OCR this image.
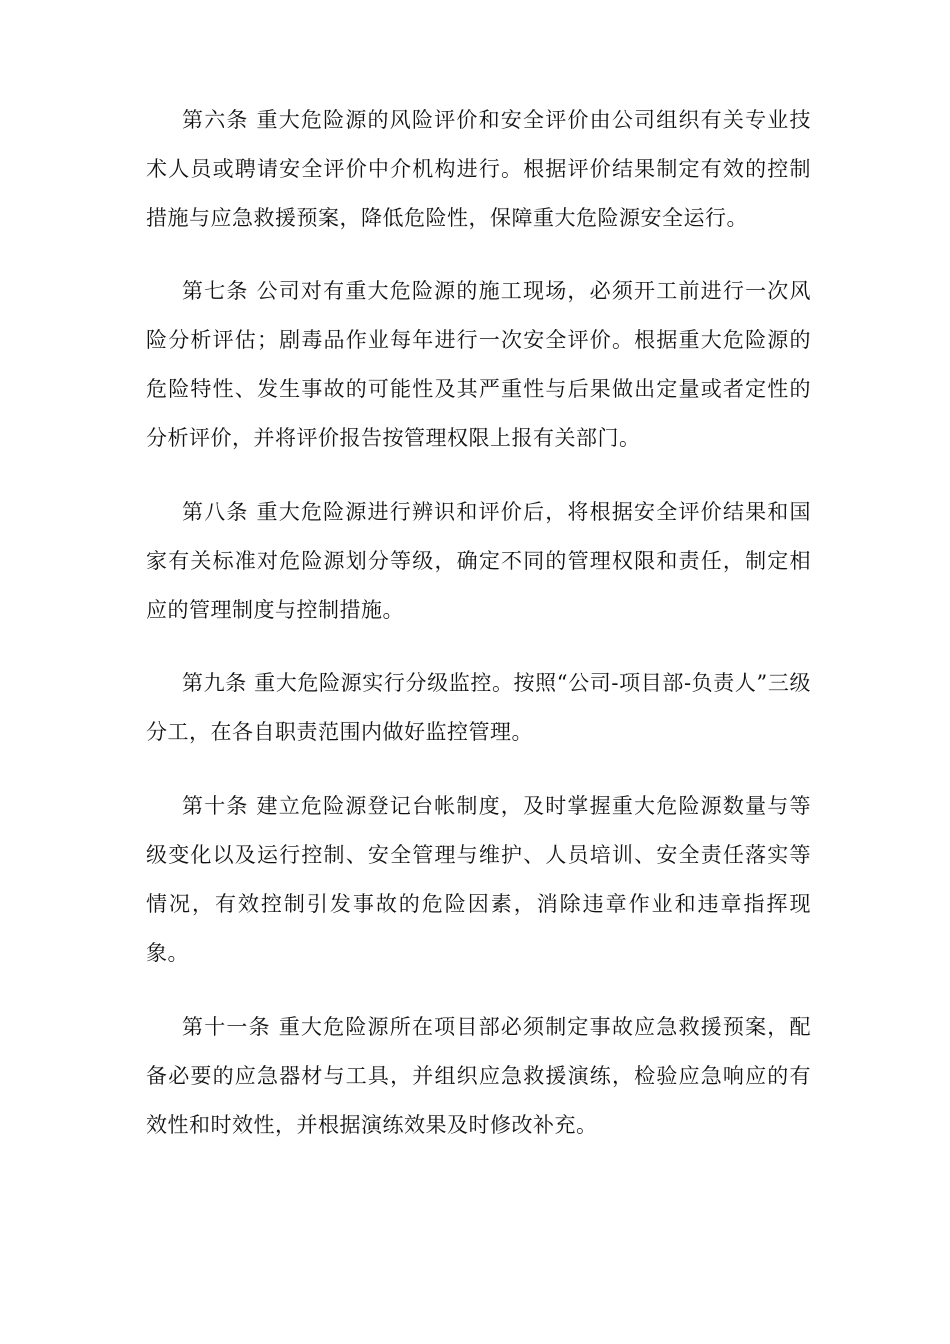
第六条 重大危险源的风险评价和安全评价由公司组织有关专业技术人员或聘请安全评价中介机构进行。根据评价结果制定有效的控制措施与应急救援预案，降低危险性，保障重大危险源安全运行。

第七条 公司对有重大危险源的施工现场，必须开工前进行一次风险分析评估；剧毒品作业每年进行一次安全评价。根据重大危险源的危险特性、发生事故的可能性及其严重性与后果做出定量或者定性的分析评价，并将评价报告按管理权限上报有关部门。

第八条 重大危险源进行辨识和评价后，将根据安全评价结果和国家有关标准对危险源划分等级，确定不同的管理权限和责任，制定相应的管理制度与控制措施。

第九条 重大危险源实行分级监控。按照“公司-项目部-负责人”三级分工，在各自职责范围内做好监控管理。

第十条 建立危险源登记台帐制度，及时掌握重大危险源数量与等级变化以及运行控制、安全管理与维护、人员培训、安全责任落实等情况，有效控制引发事故的危险因素，消除违章作业和违章指挥现象。

第十一条 重大危险源所在项目部必须制定事故应急救援预案，配备必要的应急器材与工具，并组织应急救援演练，检验应急响应的有效性和时效性，并根据演练效果及时修改补充。
